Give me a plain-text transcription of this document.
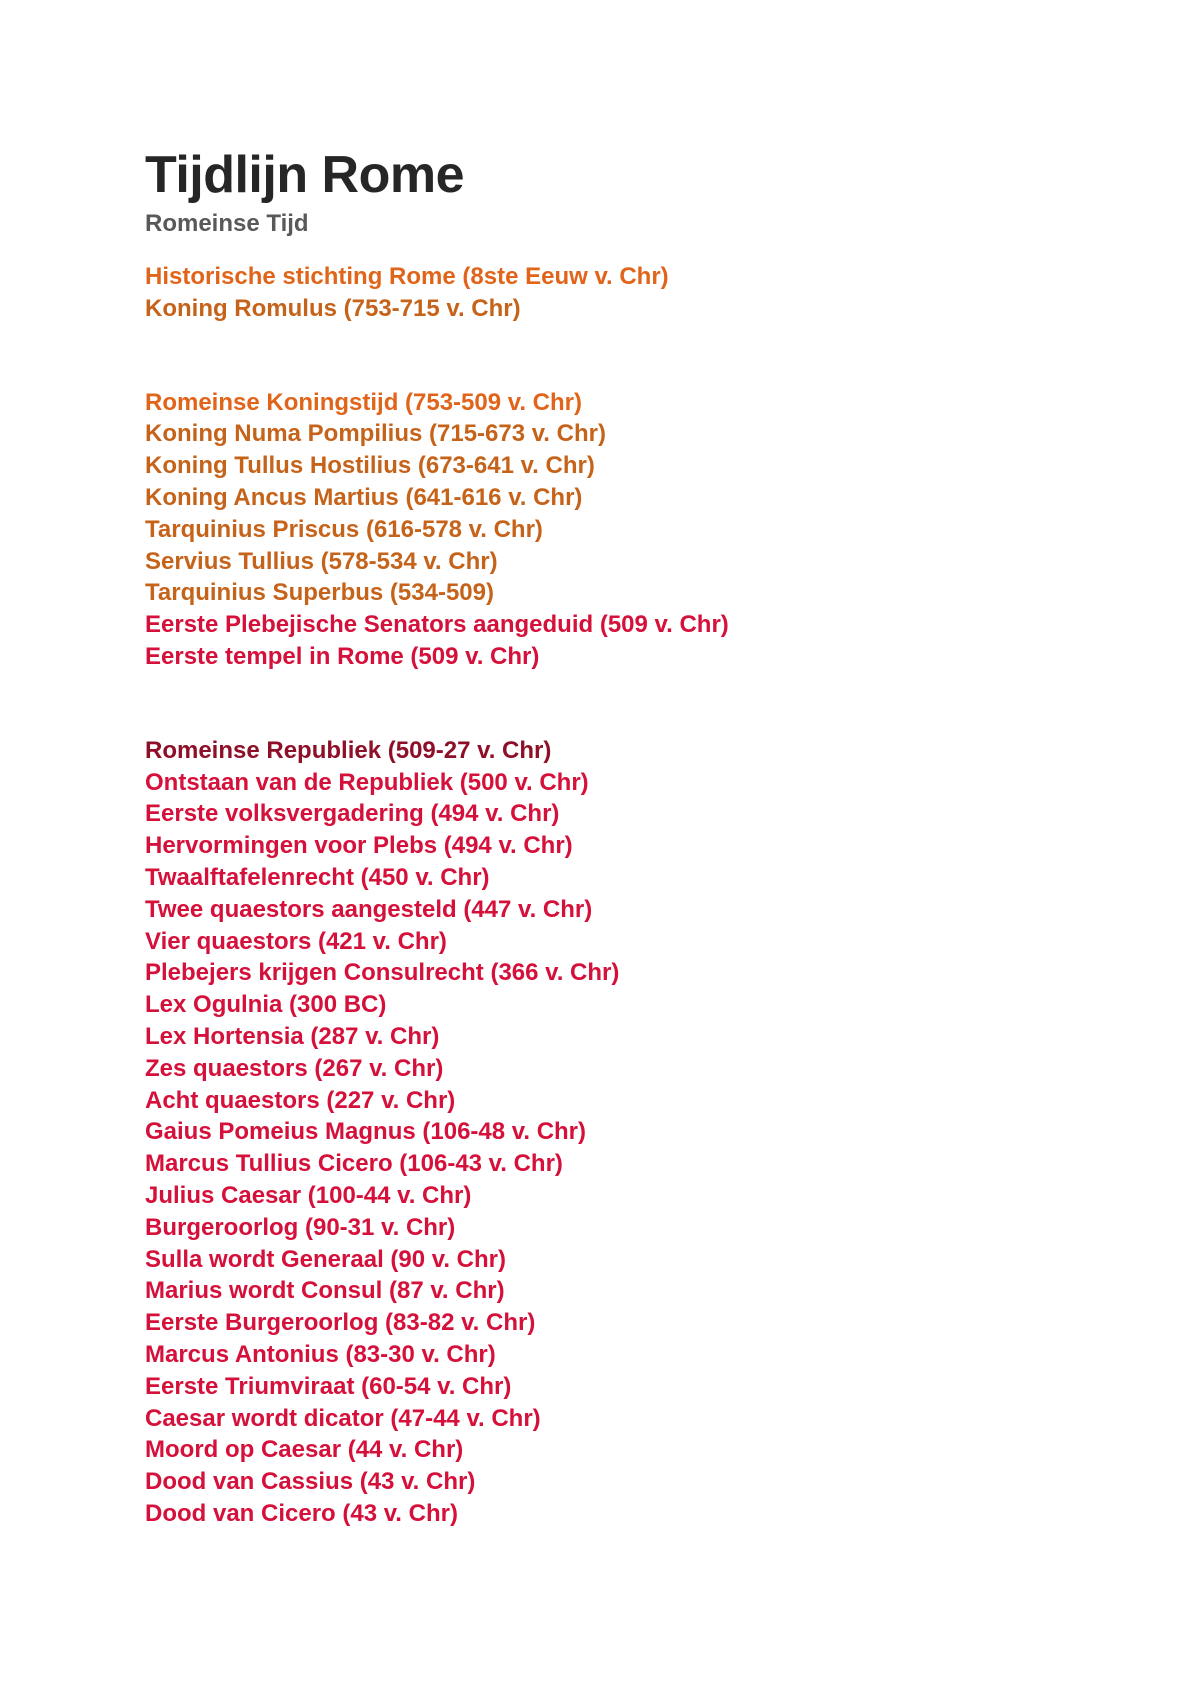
Tijdlijn Rome
Romeinse Tijd
Historische stichting Rome (8ste Eeuw v. Chr)
Koning Romulus (753-715 v. Chr)
Romeinse Koningstijd (753-509 v. Chr)
Koning Numa Pompilius (715-673 v. Chr)
Koning Tullus Hostilius (673-641 v. Chr)
Koning Ancus Martius (641-616 v. Chr)
Tarquinius Priscus (616-578 v. Chr)
Servius Tullius (578-534 v. Chr)
Tarquinius Superbus (534-509)
Eerste Plebejische Senators aangeduid (509 v. Chr)
Eerste tempel in Rome (509 v. Chr)
Romeinse Republiek (509-27 v. Chr)
Ontstaan van de Republiek (500 v. Chr)
Eerste volksvergadering (494 v. Chr)
Hervormingen voor Plebs (494 v. Chr)
Twaalftafelenrecht (450 v. Chr)
Twee quaestors aangesteld (447 v. Chr)
Vier quaestors (421 v. Chr)
Plebejers krijgen Consulrecht (366 v. Chr)
Lex Ogulnia (300 BC)
Lex Hortensia (287 v. Chr)
Zes quaestors (267 v. Chr)
Acht quaestors (227 v. Chr)
Gaius Pomeius Magnus (106-48 v. Chr)
Marcus Tullius Cicero (106-43 v. Chr)
Julius Caesar (100-44 v. Chr)
Burgeroorlog (90-31 v. Chr)
Sulla wordt Generaal (90 v. Chr)
Marius wordt Consul (87 v. Chr)
Eerste Burgeroorlog (83-82 v. Chr)
Marcus Antonius (83-30 v. Chr)
Eerste Triumviraat (60-54 v. Chr)
Caesar wordt dicator (47-44 v. Chr)
Moord op Caesar (44 v. Chr)
Dood van Cassius (43 v. Chr)
Dood van Cicero (43 v. Chr)
